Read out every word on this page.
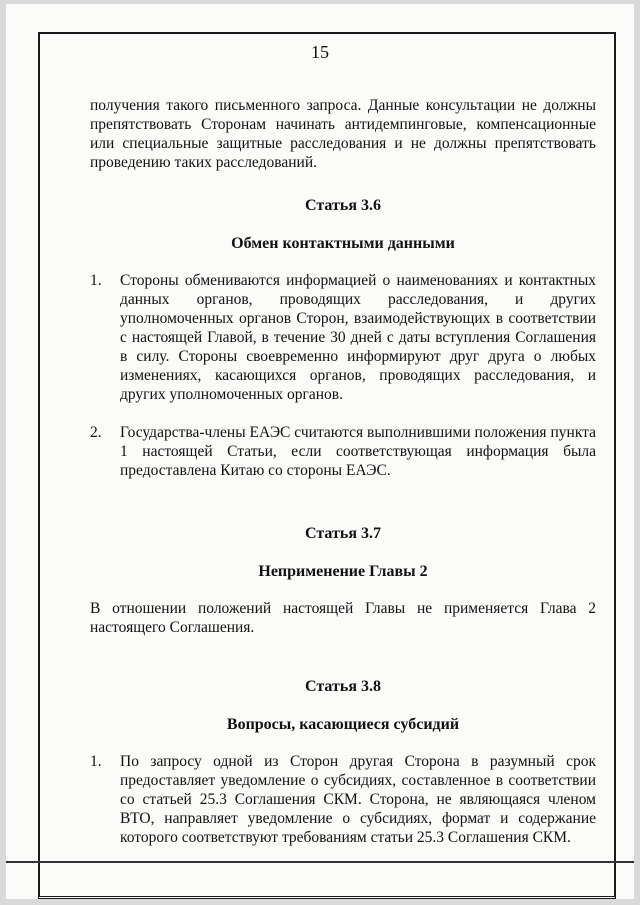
15

получения такого письменного запроса. Данные консультации не должны препятствовать Сторонам начинать антидемпинговые, компенсационные или специальные защитные расследования и не должны препятствовать проведению таких расследований.

Статья 3.6

Обмен контактными данными

1. Стороны обмениваются информацией о наименованиях и контактных данных органов, проводящих расследования, и других уполномоченных органов Сторон, взаимодействующих в соответствии с настоящей Главой, в течение 30 дней с даты вступления Соглашения в силу. Стороны своевременно информируют друг друга о любых изменениях, касающихся органов, проводящих расследования, и других уполномоченных органов.

2. Государства-члены ЕАЭС считаются выполнившими положения пункта 1 настоящей Статьи, если соответствующая информация была предоставлена Китаю со стороны ЕАЭС.

Статья 3.7

Неприменение Главы 2

В отношении положений настоящей Главы не применяется Глава 2 настоящего Соглашения.

Статья 3.8

Вопросы, касающиеся субсидий

1. По запросу одной из Сторон другая Сторона в разумный срок предоставляет уведомление о субсидиях, составленное в соответствии со статьей 25.3 Соглашения СКМ. Сторона, не являющаяся членом ВТО, направляет уведомление о субсидиях, формат и содержание которого соответствуют требованиям статьи 25.3 Соглашения СКМ.
